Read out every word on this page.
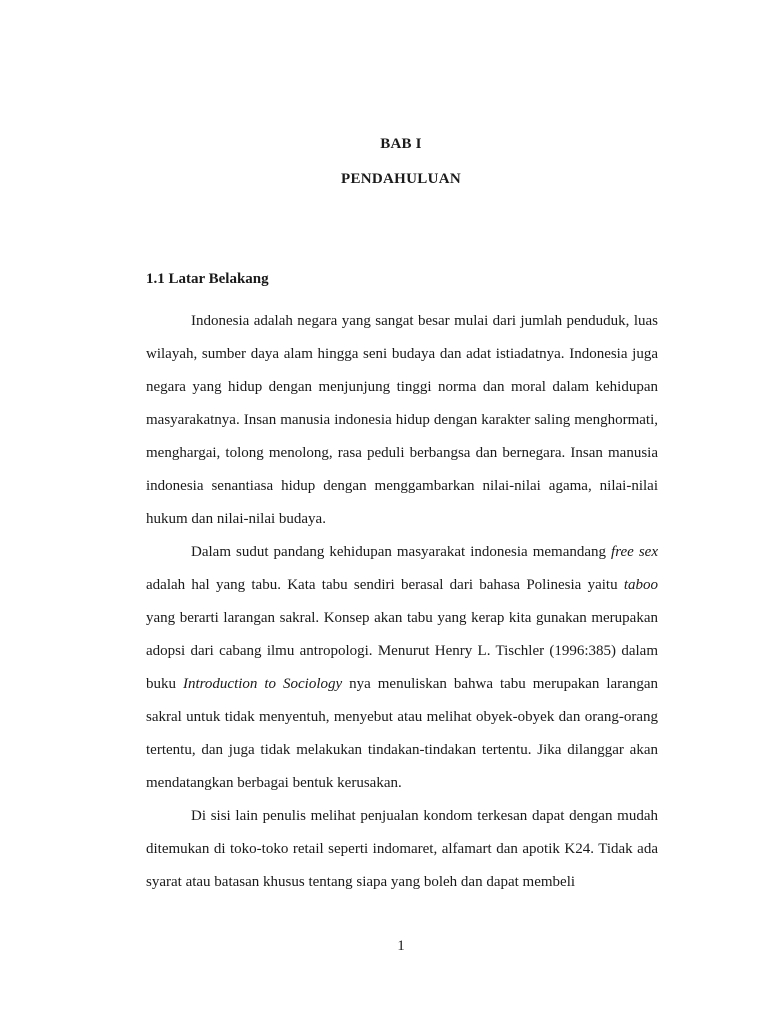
BAB I
PENDAHULUAN
1.1 Latar Belakang

Indonesia adalah negara yang sangat besar mulai dari jumlah penduduk, luas wilayah, sumber daya alam hingga seni budaya dan adat istiadatnya. Indonesia juga negara yang hidup dengan menjunjung tinggi norma dan moral dalam kehidupan masyarakatnya. Insan manusia indonesia hidup dengan karakter saling menghormati, menghargai, tolong menolong, rasa peduli berbangsa dan bernegara. Insan manusia indonesia senantiasa hidup dengan menggambarkan nilai-nilai agama, nilai-nilai hukum dan nilai-nilai budaya.

Dalam sudut pandang kehidupan masyarakat indonesia memandang free sex adalah hal yang tabu. Kata tabu sendiri berasal dari bahasa Polinesia yaitu taboo yang berarti larangan sakral. Konsep akan tabu yang kerap kita gunakan merupakan adopsi dari cabang ilmu antropologi. Menurut Henry L. Tischler (1996:385) dalam buku Introduction to Sociology nya menuliskan bahwa tabu merupakan larangan sakral untuk tidak menyentuh, menyebut atau melihat obyek-obyek dan orang-orang tertentu, dan juga tidak melakukan tindakan-tindakan tertentu. Jika dilanggar akan mendatangkan berbagai bentuk kerusakan.

Di sisi lain penulis melihat penjualan kondom terkesan dapat dengan mudah ditemukan di toko-toko retail seperti indomaret, alfamart dan apotik K24. Tidak ada syarat atau batasan khusus tentang siapa yang boleh dan dapat membeli

1
